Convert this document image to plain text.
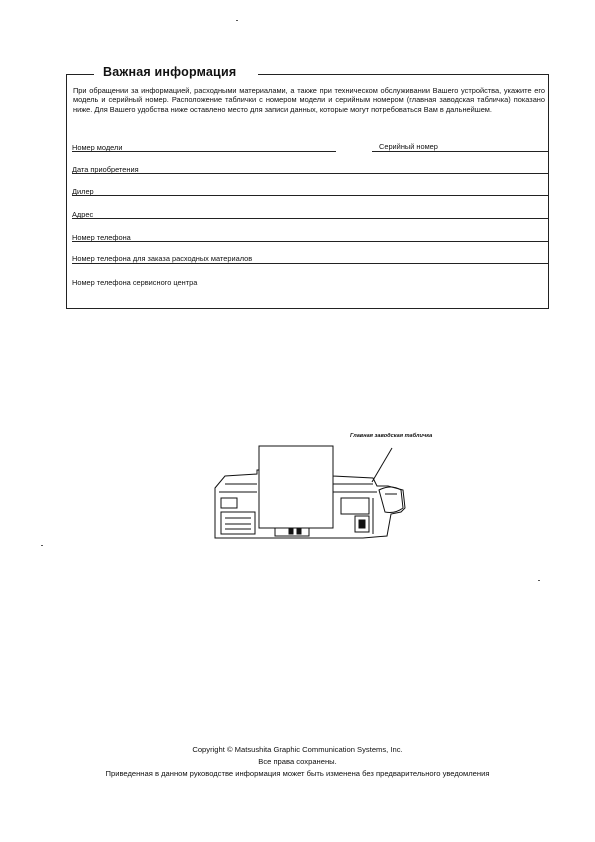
Важная информация
При обращении за информацией, расходными материалами, а также при техническом обслуживании Вашего устройства, укажите его модель и серийный номер. Расположение таблички с номером модели и серийным номером (главная заводская табличка) показано ниже. Для Вашего удобства ниже оставлено место для записи данных, которые могут потребоваться Вам в дальнейшем.
Номер модели	Серийный номер
Дата приобретения
Дилер
Адрес
Номер телефона
Номер телефона для заказа расходных материалов
Номер телефона сервисного центра
Главная заводская табличка
Copyright © Matsushita Graphic Communication Systems, Inc.
Все права сохранены.
Приведенная в данном руководстве информация может быть изменена без предварительного уведомления
